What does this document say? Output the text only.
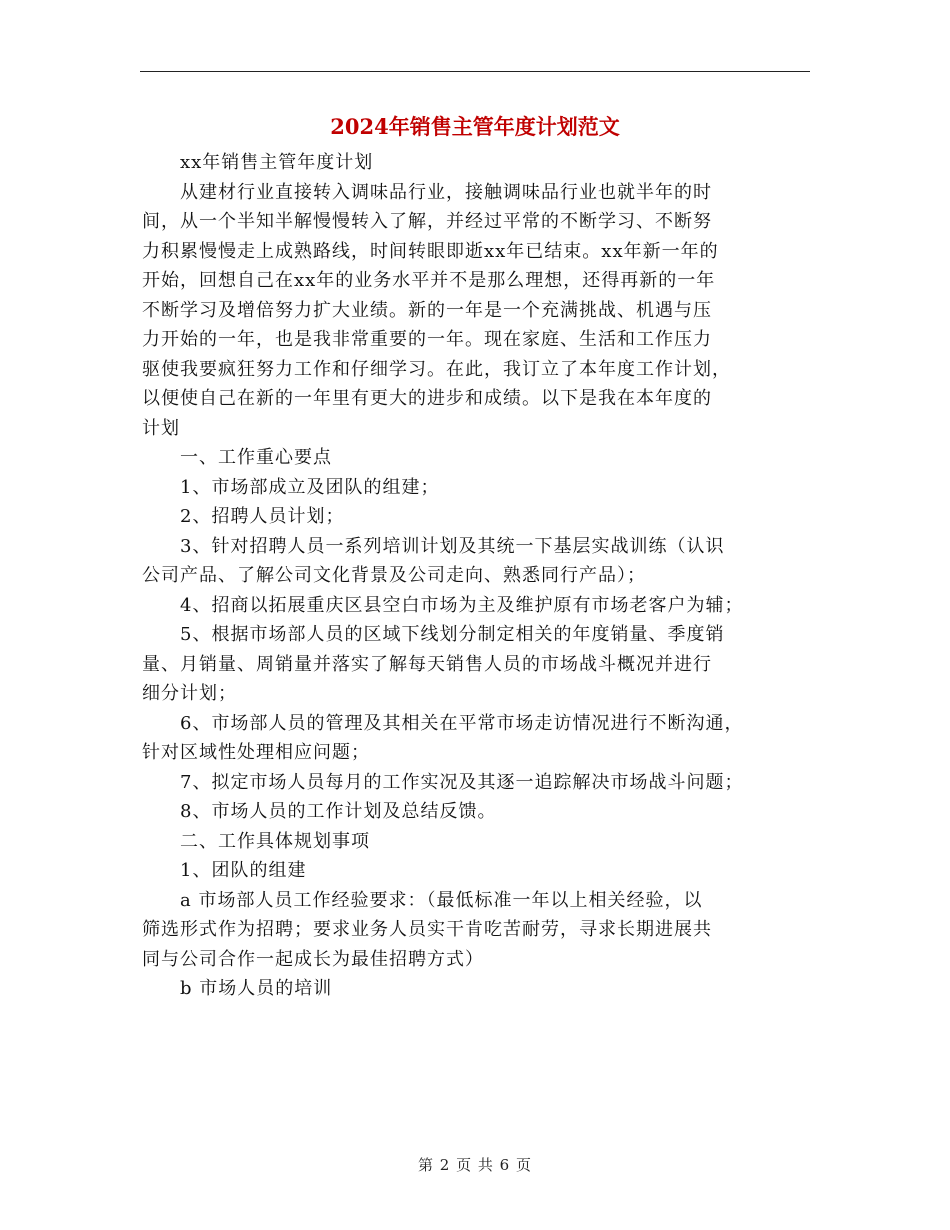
2024年销售主管年度计划范文
　　xx年销售主管年度计划
　　从建材行业直接转入调味品行业，接触调味品行业也就半年的时
间，从一个半知半解慢慢转入了解，并经过平常的不断学习、不断努
力积累慢慢走上成熟路线，时间转眼即逝xx年已结束。xx年新一年的
开始，回想自己在xx年的业务水平并不是那么理想，还得再新的一年
不断学习及增倍努力扩大业绩。新的一年是一个充满挑战、机遇与压
力开始的一年，也是我非常重要的一年。现在家庭、生活和工作压力
驱使我要疯狂努力工作和仔细学习。在此，我订立了本年度工作计划，
以便使自己在新的一年里有更大的进步和成绩。以下是我在本年度的
计划
　　一、工作重心要点
　　1、市场部成立及团队的组建；
　　2、招聘人员计划；
　　3、针对招聘人员一系列培训计划及其统一下基层实战训练（认识
公司产品、了解公司文化背景及公司走向、熟悉同行产品）；
　　4、招商以拓展重庆区县空白市场为主及维护原有市场老客户为辅；
　　5、根据市场部人员的区域下线划分制定相关的年度销量、季度销
量、月销量、周销量并落实了解每天销售人员的市场战斗概况并进行
细分计划；
　　6、市场部人员的管理及其相关在平常市场走访情况进行不断沟通，
针对区域性处理相应问题；
　　7、拟定市场人员每月的工作实况及其逐一追踪解决市场战斗问题；
　　8、市场人员的工作计划及总结反馈。
　　二、工作具体规划事项
　　1、团队的组建
　　a 市场部人员工作经验要求：（最低标准一年以上相关经验，以
筛选形式作为招聘；要求业务人员实干肯吃苦耐劳，寻求长期进展共
同与公司合作一起成长为最佳招聘方式）
　　b 市场人员的培训
第 2 页 共 6 页
